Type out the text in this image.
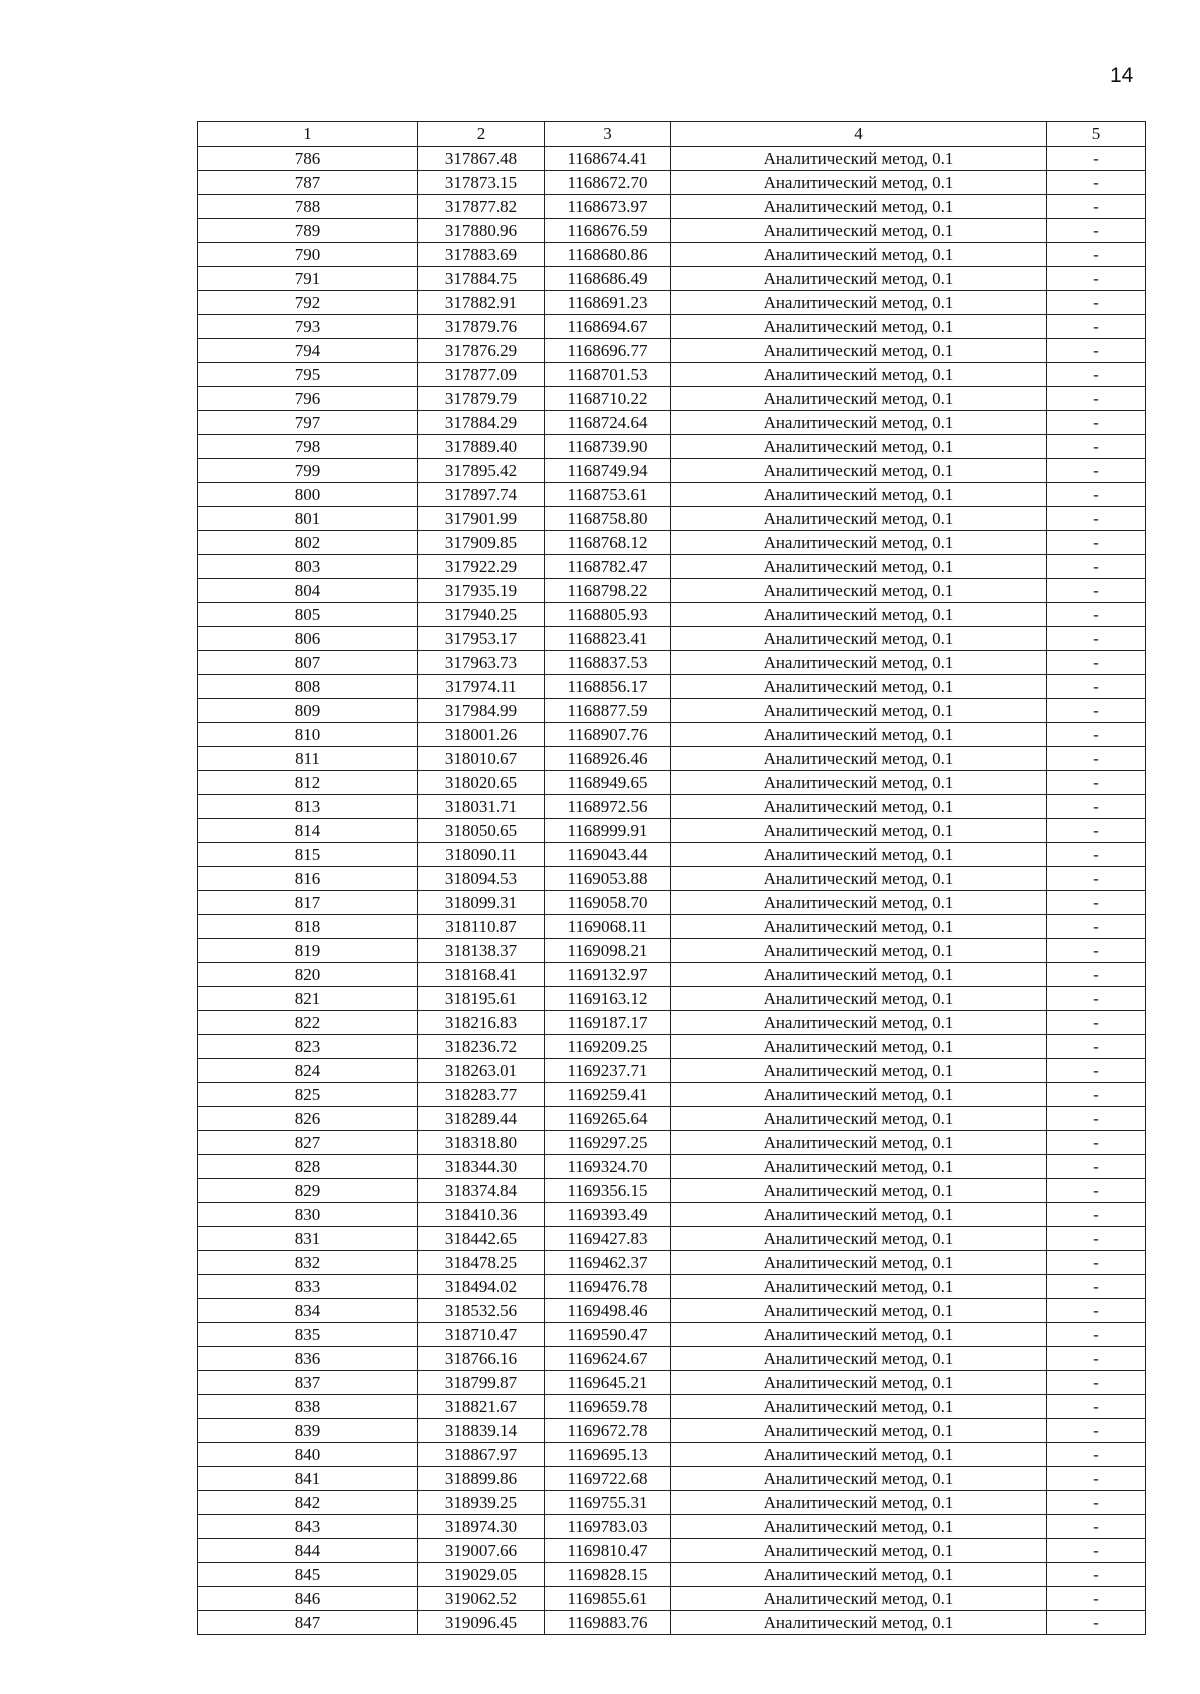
14
1	2	3	4	5
786	317867.48	1168674.41	Аналитический метод, 0.1	-
787	317873.15	1168672.70	Аналитический метод, 0.1	-
788	317877.82	1168673.97	Аналитический метод, 0.1	-
789	317880.96	1168676.59	Аналитический метод, 0.1	-
790	317883.69	1168680.86	Аналитический метод, 0.1	-
791	317884.75	1168686.49	Аналитический метод, 0.1	-
792	317882.91	1168691.23	Аналитический метод, 0.1	-
793	317879.76	1168694.67	Аналитический метод, 0.1	-
794	317876.29	1168696.77	Аналитический метод, 0.1	-
795	317877.09	1168701.53	Аналитический метод, 0.1	-
796	317879.79	1168710.22	Аналитический метод, 0.1	-
797	317884.29	1168724.64	Аналитический метод, 0.1	-
798	317889.40	1168739.90	Аналитический метод, 0.1	-
799	317895.42	1168749.94	Аналитический метод, 0.1	-
800	317897.74	1168753.61	Аналитический метод, 0.1	-
801	317901.99	1168758.80	Аналитический метод, 0.1	-
802	317909.85	1168768.12	Аналитический метод, 0.1	-
803	317922.29	1168782.47	Аналитический метод, 0.1	-
804	317935.19	1168798.22	Аналитический метод, 0.1	-
805	317940.25	1168805.93	Аналитический метод, 0.1	-
806	317953.17	1168823.41	Аналитический метод, 0.1	-
807	317963.73	1168837.53	Аналитический метод, 0.1	-
808	317974.11	1168856.17	Аналитический метод, 0.1	-
809	317984.99	1168877.59	Аналитический метод, 0.1	-
810	318001.26	1168907.76	Аналитический метод, 0.1	-
811	318010.67	1168926.46	Аналитический метод, 0.1	-
812	318020.65	1168949.65	Аналитический метод, 0.1	-
813	318031.71	1168972.56	Аналитический метод, 0.1	-
814	318050.65	1168999.91	Аналитический метод, 0.1	-
815	318090.11	1169043.44	Аналитический метод, 0.1	-
816	318094.53	1169053.88	Аналитический метод, 0.1	-
817	318099.31	1169058.70	Аналитический метод, 0.1	-
818	318110.87	1169068.11	Аналитический метод, 0.1	-
819	318138.37	1169098.21	Аналитический метод, 0.1	-
820	318168.41	1169132.97	Аналитический метод, 0.1	-
821	318195.61	1169163.12	Аналитический метод, 0.1	-
822	318216.83	1169187.17	Аналитический метод, 0.1	-
823	318236.72	1169209.25	Аналитический метод, 0.1	-
824	318263.01	1169237.71	Аналитический метод, 0.1	-
825	318283.77	1169259.41	Аналитический метод, 0.1	-
826	318289.44	1169265.64	Аналитический метод, 0.1	-
827	318318.80	1169297.25	Аналитический метод, 0.1	-
828	318344.30	1169324.70	Аналитический метод, 0.1	-
829	318374.84	1169356.15	Аналитический метод, 0.1	-
830	318410.36	1169393.49	Аналитический метод, 0.1	-
831	318442.65	1169427.83	Аналитический метод, 0.1	-
832	318478.25	1169462.37	Аналитический метод, 0.1	-
833	318494.02	1169476.78	Аналитический метод, 0.1	-
834	318532.56	1169498.46	Аналитический метод, 0.1	-
835	318710.47	1169590.47	Аналитический метод, 0.1	-
836	318766.16	1169624.67	Аналитический метод, 0.1	-
837	318799.87	1169645.21	Аналитический метод, 0.1	-
838	318821.67	1169659.78	Аналитический метод, 0.1	-
839	318839.14	1169672.78	Аналитический метод, 0.1	-
840	318867.97	1169695.13	Аналитический метод, 0.1	-
841	318899.86	1169722.68	Аналитический метод, 0.1	-
842	318939.25	1169755.31	Аналитический метод, 0.1	-
843	318974.30	1169783.03	Аналитический метод, 0.1	-
844	319007.66	1169810.47	Аналитический метод, 0.1	-
845	319029.05	1169828.15	Аналитический метод, 0.1	-
846	319062.52	1169855.61	Аналитический метод, 0.1	-
847	319096.45	1169883.76	Аналитический метод, 0.1	-
